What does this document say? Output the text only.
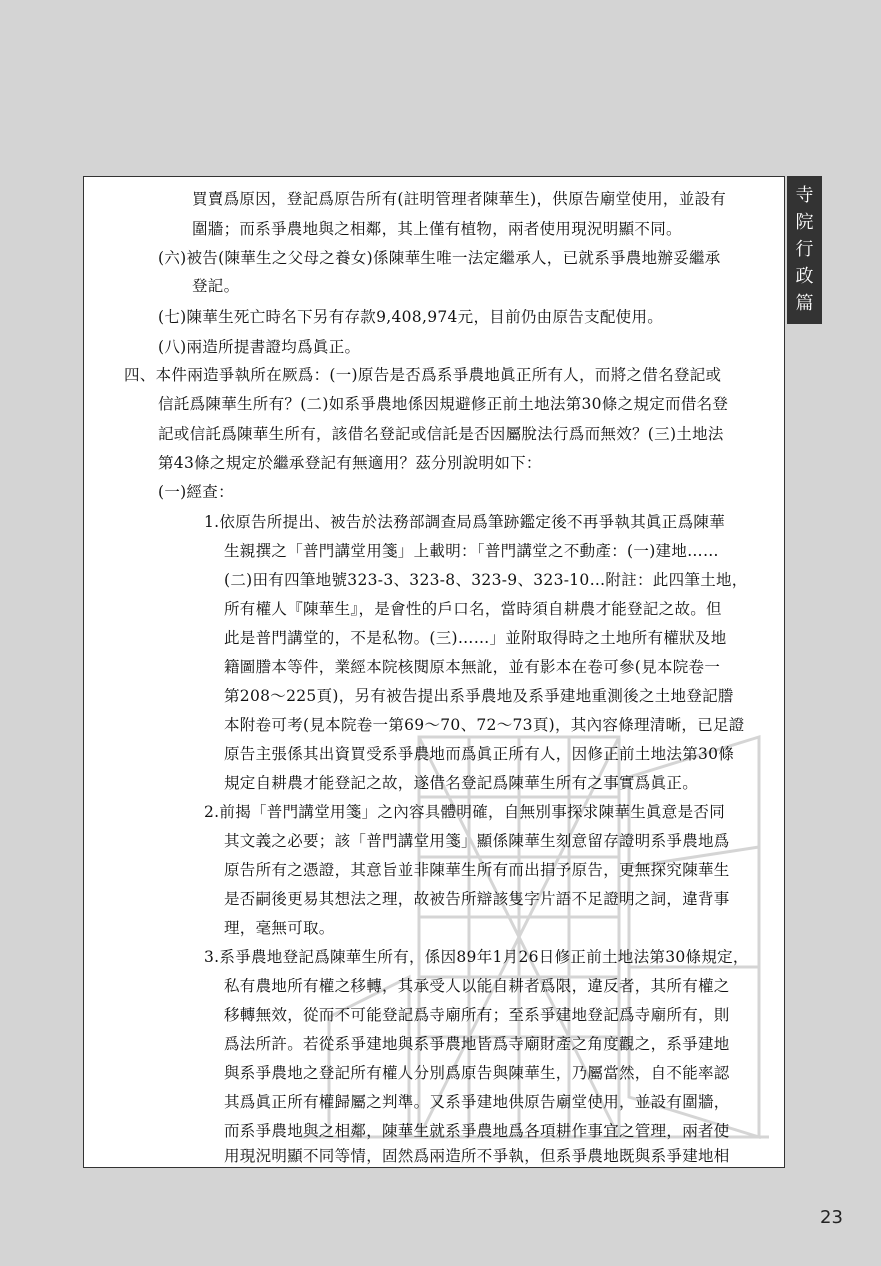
買賣爲原因，登記爲原告所有(註明管理者陳華生)，供原告廟堂使用，並設有
圍牆；而系爭農地與之相鄰，其上僅有植物，兩者使用現況明顯不同。
(六)被告(陳華生之父母之養女)係陳華生唯一法定繼承人，已就系爭農地辦妥繼承
登記。
(七)陳華生死亡時名下另有存款9,408,974元，目前仍由原告支配使用。
(八)兩造所提書證均爲眞正。
四、本件兩造爭執所在厥爲：(一)原告是否爲系爭農地眞正所有人，而將之借名登記或
信託爲陳華生所有？(二)如系爭農地係因規避修正前土地法第30條之規定而借名登
記或信託爲陳華生所有，該借名登記或信託是否因屬脫法行爲而無效？(三)土地法
第43條之規定於繼承登記有無適用？茲分別說明如下：
(一)經查：
1.依原告所提出、被告於法務部調查局爲筆跡鑑定後不再爭執其眞正爲陳華
生親撰之「普門講堂用箋」上載明：「普門講堂之不動產：(一)建地……
(二)田有四筆地號323-3、323-8、323-9、323-10…附註：此四筆土地，
所有權人『陳華生』，是會性的戶口名，當時須自耕農才能登記之故。但
此是普門講堂的，不是私物。(三)……」並附取得時之土地所有權狀及地
籍圖謄本等件，業經本院核閱原本無訛，並有影本在卷可參(見本院卷一
第208～225頁)，另有被告提出系爭農地及系爭建地重測後之土地登記謄
本附卷可考(見本院卷一第69～70、72～73頁)，其內容條理清晰，已足證
原告主張係其出資買受系爭農地而爲眞正所有人，因修正前土地法第30條
規定自耕農才能登記之故，遂借名登記爲陳華生所有之事實爲眞正。
2.前揭「普門講堂用箋」之內容具體明確，自無別事探求陳華生眞意是否同
其文義之必要；該「普門講堂用箋」顯係陳華生刻意留存證明系爭農地爲
原告所有之憑證，其意旨並非陳華生所有而出捐予原告，更無探究陳華生
是否嗣後更易其想法之理，故被告所辯該隻字片語不足證明之詞，違背事
理，毫無可取。
3.系爭農地登記爲陳華生所有，係因89年1月26日修正前土地法第30條規定，
私有農地所有權之移轉，其承受人以能自耕者爲限，違反者，其所有權之
移轉無效，從而不可能登記爲寺廟所有；至系爭建地登記爲寺廟所有，則
爲法所許。若從系爭建地與系爭農地皆爲寺廟財產之角度觀之，系爭建地
與系爭農地之登記所有權人分別爲原告與陳華生，乃屬當然，自不能率認
其爲眞正所有權歸屬之判準。又系爭建地供原告廟堂使用，並設有圍牆，
而系爭農地與之相鄰，陳華生就系爭農地爲各項耕作事宜之管理，兩者使
用現況明顯不同等情，固然爲兩造所不爭執，但系爭農地既與系爭建地相
寺
院
行
政
篇
23
